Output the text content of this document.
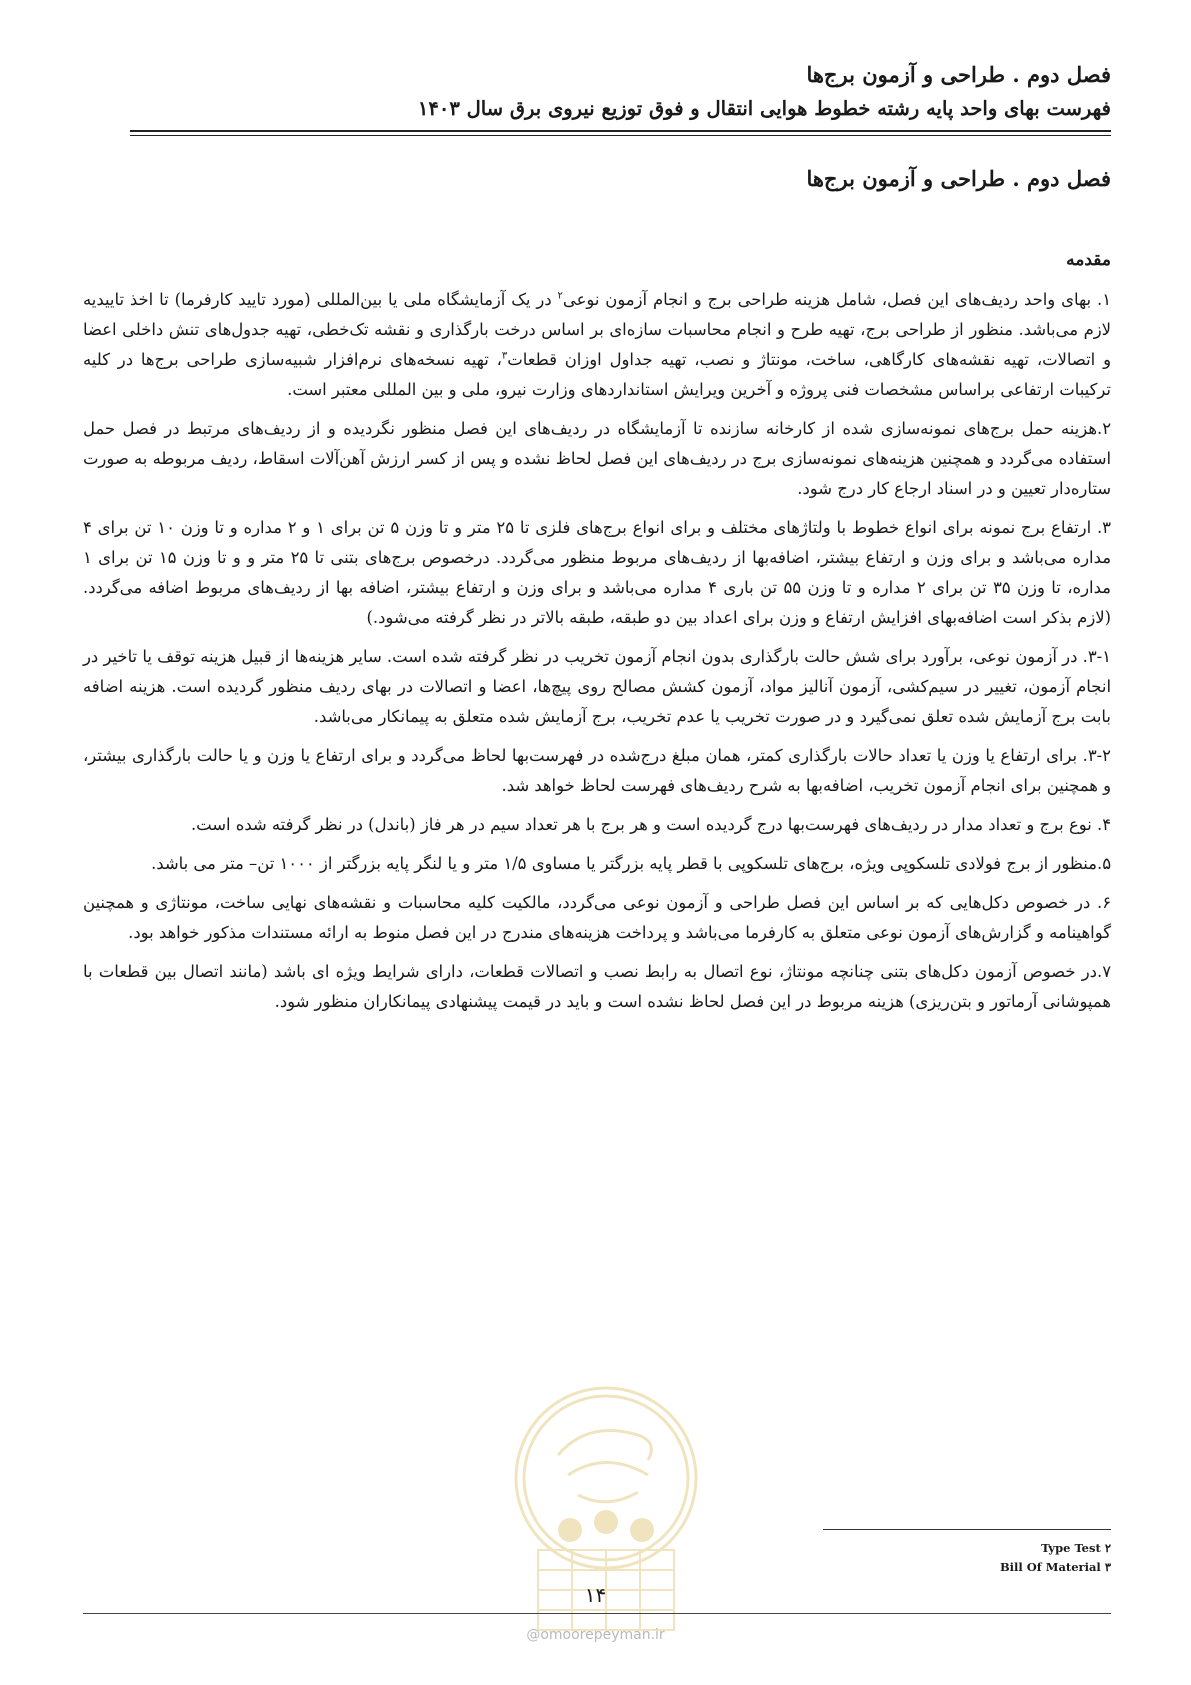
فصل دوم . طراحی و آزمون برج‌ها
فهرست بهای واحد پایه رشته خطوط هوایی انتقال و فوق توزیع نیروی برق سال ۱۴۰۳
فصل دوم . طراحی و آزمون برج‌ها
مقدمه

۱. بهای واحد ردیف‌های این فصل، شامل هزینه طراحی برج و انجام آزمون نوعی$^۲$ در یک آزمایشگاه ملی یا بین‌المللی (مورد تایید کارفرما) تا اخذ تاییدیه لازم می‌باشد. منظور از طراحی برج، تهیه طرح و انجام محاسبات سازه‌ای بر اساس درخت بارگذاری و نقشه تک‌خطی، تهیه جدول‌های تنش داخلی اعضا و اتصالات، تهیه نقشه‌های کارگاهی، ساخت، مونتاژ و نصب، تهیه جداول اوزان قطعات$^۳$، تهیه نسخه‌های نرم‌افزار شبیه‌سازی طراحی برج‌ها در کلیه ترکیبات ارتفاعی براساس مشخصات فنی پروژه و آخرین ویرایش استانداردهای وزارت نیرو، ملی و بین المللی معتبر است.

۲.هزینه حمل برج‌های نمونه‌سازی شده از کارخانه سازنده تا آزمایشگاه در ردیف‌های این فصل منظور نگردیده و از ردیف‌های مرتبط در فصل حمل استفاده می‌گردد و همچنین هزینه‌های نمونه‌سازی برج در ردیف‌های این فصل لحاظ نشده و پس از کسر ارزش آهن‌آلات اسقاط، ردیف مربوطه به صورت ستاره‌دار تعیین و در اسناد ارجاع کار درج شود.

۳. ارتفاع برج نمونه برای انواع خطوط با ولتاژهای مختلف و برای انواع برج‌های فلزی تا ۲۵ متر و تا وزن ۵ تن برای ۱ و ۲ مداره و تا وزن ۱۰ تن برای ۴ مداره می‌باشد و برای وزن و ارتفاع بیشتر، اضافه‌بها از ردیف‌های مربوط منظور می‌گردد. درخصوص برج‌های بتنی تا ۲۵ متر و و تا وزن ۱۵ تن برای ۱ مداره، تا وزن ۳۵ تن برای ۲ مداره و تا وزن ۵۵ تن باری ۴ مداره می‌باشد و برای وزن و ارتفاع بیشتر، اضافه بها از ردیف‌های مربوط اضافه می‌گردد. (لازم بذکر است اضافه‌بهای افزایش ارتفاع و وزن برای اعداد بین دو طبقه، طبقه بالاتر در نظر گرفته می‌شود.)

۳-۱. در آزمون نوعی، برآورد برای شش حالت بارگذاری بدون انجام آزمون تخریب در نظر گرفته شده است. سایر هزینه‌ها از قبیل هزینه توقف یا تاخیر در انجام آزمون، تغییر در سیم‌کشی، آزمون آنالیز مواد، آزمون کشش مصالح روی پیچ‌ها، اعضا و اتصالات در بهای ردیف منظور گردیده است. هزینه اضافه بابت برج آزمایش شده تعلق نمی‌گیرد و در صورت تخریب یا عدم تخریب، برج آزمایش شده متعلق به پیمانکار می‌باشد.

۳-۲. برای ارتفاع یا وزن یا تعداد حالات بارگذاری کمتر، همان مبلغ درج‌شده در فهرست‌بها لحاظ می‌گردد و برای ارتفاع یا وزن و یا حالت بارگذاری بیشتر، و همچنین برای انجام آزمون تخریب، اضافه‌بها به شرح ردیف‌های فهرست لحاظ خواهد شد.

۴. نوع برج و تعداد مدار در ردیف‌های فهرست‌بها درج گردیده است و هر برج با هر تعداد سیم در هر فاز (باندل) در نظر گرفته شده است.

۵.منظور از برج فولادی تلسکوپی ویژه، برج‌های تلسکوپی با قطر پایه بزرگتر یا مساوی ۱/۵ متر و یا لنگر پایه بزرگتر از ۱۰۰۰ تن– متر می باشد.

۶. در خصوص دکل‌هایی که بر اساس این فصل طراحی و آزمون نوعی می‌گردد، مالکیت کلیه محاسبات و نقشه‌های نهایی ساخت، مونتاژی و همچنین گواهینامه و گزارش‌های آزمون نوعی متعلق به کارفرما می‌باشد و پرداخت هزینه‌های مندرج در این فصل منوط به ارائه مستندات مذکور خواهد بود.

۷.در خصوص آزمون دکل‌های بتنی چنانچه مونتاژ، نوع اتصال به رابط نصب و اتصالات قطعات، دارای شرایط ویژه ای باشد (مانند اتصال بین قطعات با همپوشانی آرماتور و بتن‌ریزی) هزینه مربوط در این فصل لحاظ نشده است و باید در قیمت پیشنهادی پیمانکاران منظور شود.

۲ Type Test
۳ Bill Of Material
۱۴
@omoorepeyman.ir
